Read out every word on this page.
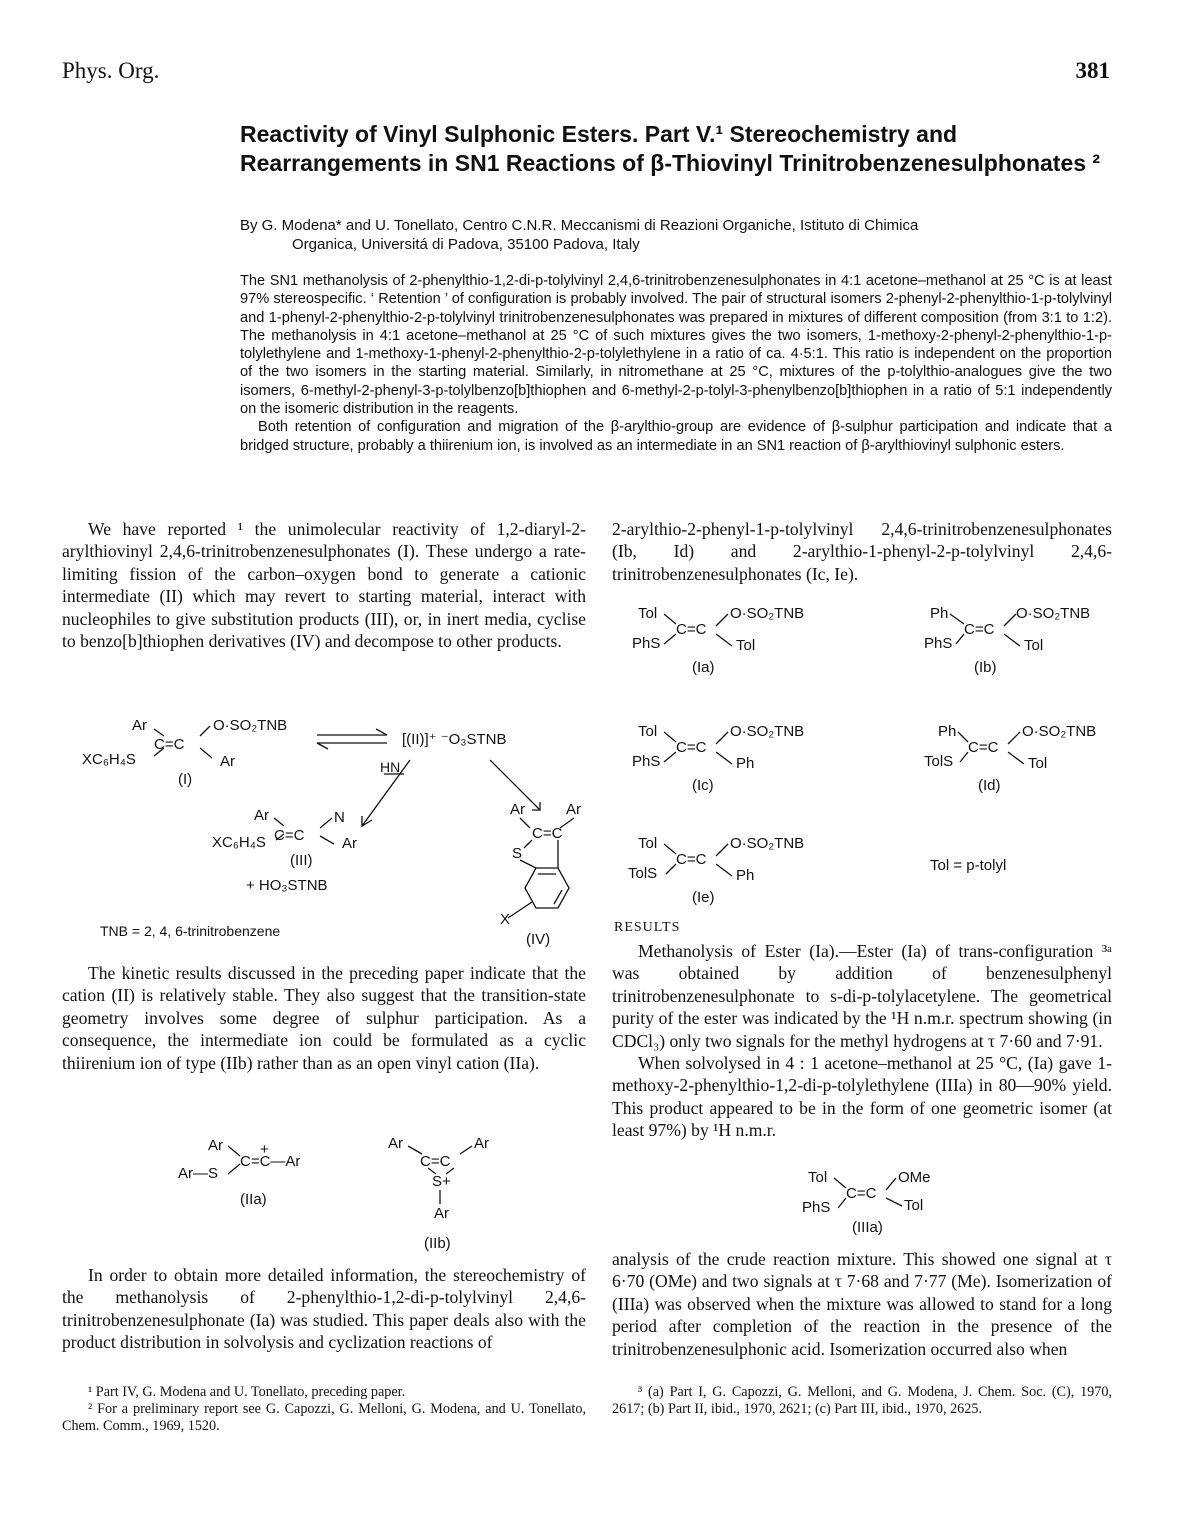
Phys. Org.	381
Reactivity of Vinyl Sulphonic Esters. Part V.¹ Stereochemistry and Rearrangements in SN1 Reactions of β-Thiovinyl Trinitrobenzenesulphonates ²
By G. Modena* and U. Tonellato, Centro C.N.R. Meccanismi di Reazioni Organiche, Istituto di Chimica
Organica, Universitá di Padova, 35100 Padova, Italy

The SN1 methanolysis of 2-phenylthio-1,2-di-p-tolylvinyl 2,4,6-trinitrobenzenesulphonates in 4:1 acetone–methanol at 25 °C is at least 97% stereospecific. ‘ Retention ’ of configuration is probably involved. The pair of structural isomers 2-phenyl-2-phenylthio-1-p-tolylvinyl and 1-phenyl-2-phenylthio-2-p-tolylvinyl trinitrobenzenesulphonates was prepared in mixtures of different composition (from 3:1 to 1:2). The methanolysis in 4:1 acetone–methanol at 25 °C of such mixtures gives the two isomers, 1-methoxy-2-phenyl-2-phenylthio-1-p-tolylethylene and 1-methoxy-1-phenyl-2-phenylthio-2-p-tolylethylene in a ratio of ca. 4·5:1. This ratio is independent on the proportion of the two isomers in the starting material. Similarly, in nitromethane at 25 °C, mixtures of the p-tolylthio-analogues give the two isomers, 6-methyl-2-phenyl-3-p-tolylbenzo[b]thiophen and 6-methyl-2-p-tolyl-3-phenylbenzo[b]thiophen in a ratio of 5:1 independently on the isomeric distribution in the reagents.

Both retention of configuration and migration of the β-arylthio-group are evidence of β-sulphur participation and indicate that a bridged structure, probably a thiirenium ion, is involved as an intermediate in an SN1 reaction of β-arylthiovinyl sulphonic esters.

We have reported ¹ the unimolecular reactivity of 1,2-diaryl-2-arylthiovinyl 2,4,6-trinitrobenzenesulphonates (I). These undergo a rate-limiting fission of the carbon–oxygen bond to generate a cationic intermediate (II) which may revert to starting material, interact with nucleophiles to give substitution products (III), or, in inert media, cyclise to benzo[b]thiophen derivatives (IV) and decompose to other products.

Ar
C=C
O·SO₂TNB
XC₆H₄S	Ar
(I)
[(II)]⁺ ⁻O₃STNB
HN
Ar
C=C
N
XC₆H₄S	Ar
(III)
+ HO₃STNB
Ar	Ar
C=C
S
X
(IV)
TNB = 2, 4, 6-trinitrobenzene

The kinetic results discussed in the preceding paper indicate that the cation (II) is relatively stable. They also suggest that the transition-state geometry involves some degree of sulphur participation. As a consequence, the intermediate ion could be formulated as a cyclic thiirenium ion of type (IIb) rather than as an open vinyl cation (IIa).

Ar +
Ar—S
C=C—Ar
(IIa)
Ar	Ar
C=C
S+
Ar
(IIb)

In order to obtain more detailed information, the stereochemistry of the methanolysis of 2-phenylthio-1,2-di-p-tolylvinyl 2,4,6-trinitrobenzenesulphonate (Ia) was studied. This paper deals also with the product distribution in solvolysis and cyclization reactions of

¹ Part IV, G. Modena and U. Tonellato, preceding paper.

² For a preliminary report see G. Capozzi, G. Melloni, G. Modena, and U. Tonellato, Chem. Comm., 1969, 1520.

2-arylthio-2-phenyl-1-p-tolylvinyl 2,4,6-trinitrobenzenesulphonates (Ib, Id) and 2-arylthio-1-phenyl-2-p-tolylvinyl 2,4,6-trinitrobenzenesulphonates (Ic, Ie).

Tol
PhS
C=C
O·SO₂TNB
Tol
(Ia)
Ph
PhS
C=C
O·SO₂TNB
Tol
(Ib)
Tol
PhS
C=C
O·SO₂TNB
Ph
(Ic)
Ph
TolS
C=C
O·SO₂TNB
Tol
(Id)
Tol
TolS
C=C
O·SO₂TNB
Ph
(Ie)
Tol = p-tolyl
RESULTS

Methanolysis of Ester (Ia).—Ester (Ia) of trans-configuration ³ᵃ was obtained by addition of benzenesulphenyl trinitrobenzenesulphonate to s-di-p-tolylacetylene. The geometrical purity of the ester was indicated by the ¹H n.m.r. spectrum showing (in CDCl₃) only two signals for the methyl hydrogens at τ 7·60 and 7·91.

When solvolysed in 4 : 1 acetone–methanol at 25 °C, (Ia) gave 1-methoxy-2-phenylthio-1,2-di-p-tolylethylene (IIIa) in 80—90% yield. This product appeared to be in the form of one geometric isomer (at least 97%) by ¹H n.m.r.

Tol
PhS
C=C
OMe
Tol
(IIIa)

analysis of the crude reaction mixture. This showed one signal at τ 6·70 (OMe) and two signals at τ 7·68 and 7·77 (Me). Isomerization of (IIIa) was observed when the mixture was allowed to stand for a long period after completion of the reaction in the presence of the trinitrobenzenesulphonic acid. Isomerization occurred also when

³ (a) Part I, G. Capozzi, G. Melloni, and G. Modena, J. Chem. Soc. (C), 1970, 2617; (b) Part II, ibid., 1970, 2621; (c) Part III, ibid., 1970, 2625.
